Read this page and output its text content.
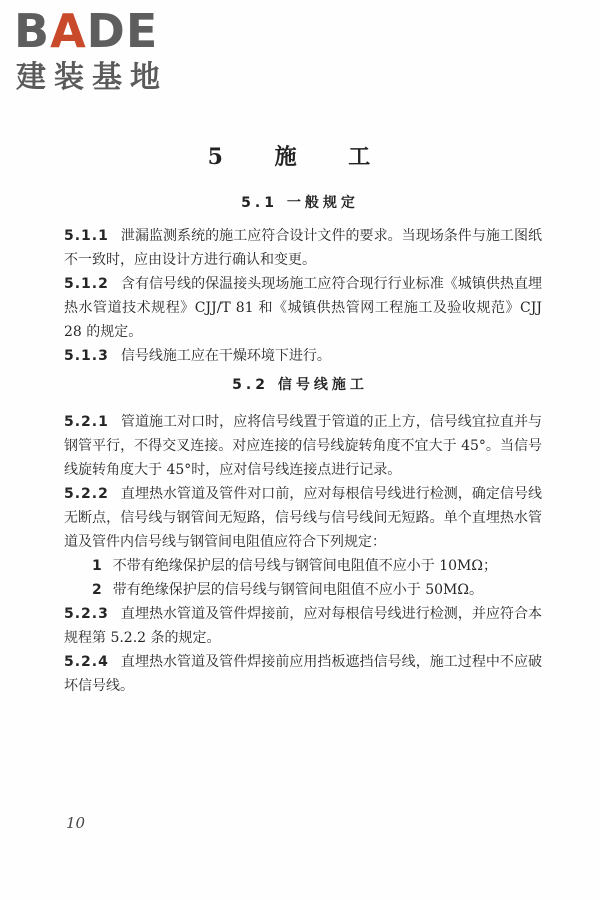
BADE
建装基地
5 施 工
5.1 一般规定

5.1.1 泄漏监测系统的施工应符合设计文件的要求。当现场条件与施工图纸不一致时，应由设计方进行确认和变更。

5.1.2 含有信号线的保温接头现场施工应符合现行行业标准《城镇供热直埋热水管道技术规程》CJJ/T 81 和《城镇供热管网工程施工及验收规范》CJJ 28 的规定。

5.1.3 信号线施工应在干燥环境下进行。

5.2 信号线施工

5.2.1 管道施工对口时，应将信号线置于管道的正上方，信号线宜拉直并与钢管平行，不得交叉连接。对应连接的信号线旋转角度不宜大于 45°。当信号线旋转角度大于 45°时，应对信号线连接点进行记录。

5.2.2 直埋热水管道及管件对口前，应对每根信号线进行检测，确定信号线无断点，信号线与钢管间无短路，信号线与信号线间无短路。单个直埋热水管道及管件内信号线与钢管间电阻值应符合下列规定：

1 不带有绝缘保护层的信号线与钢管间电阻值不应小于 10MΩ；

2 带有绝缘保护层的信号线与钢管间电阻值不应小于 50MΩ。

5.2.3 直埋热水管道及管件焊接前，应对每根信号线进行检测，并应符合本规程第 5.2.2 条的规定。

5.2.4 直埋热水管道及管件焊接前应用挡板遮挡信号线，施工过程中不应破坏信号线。

10
